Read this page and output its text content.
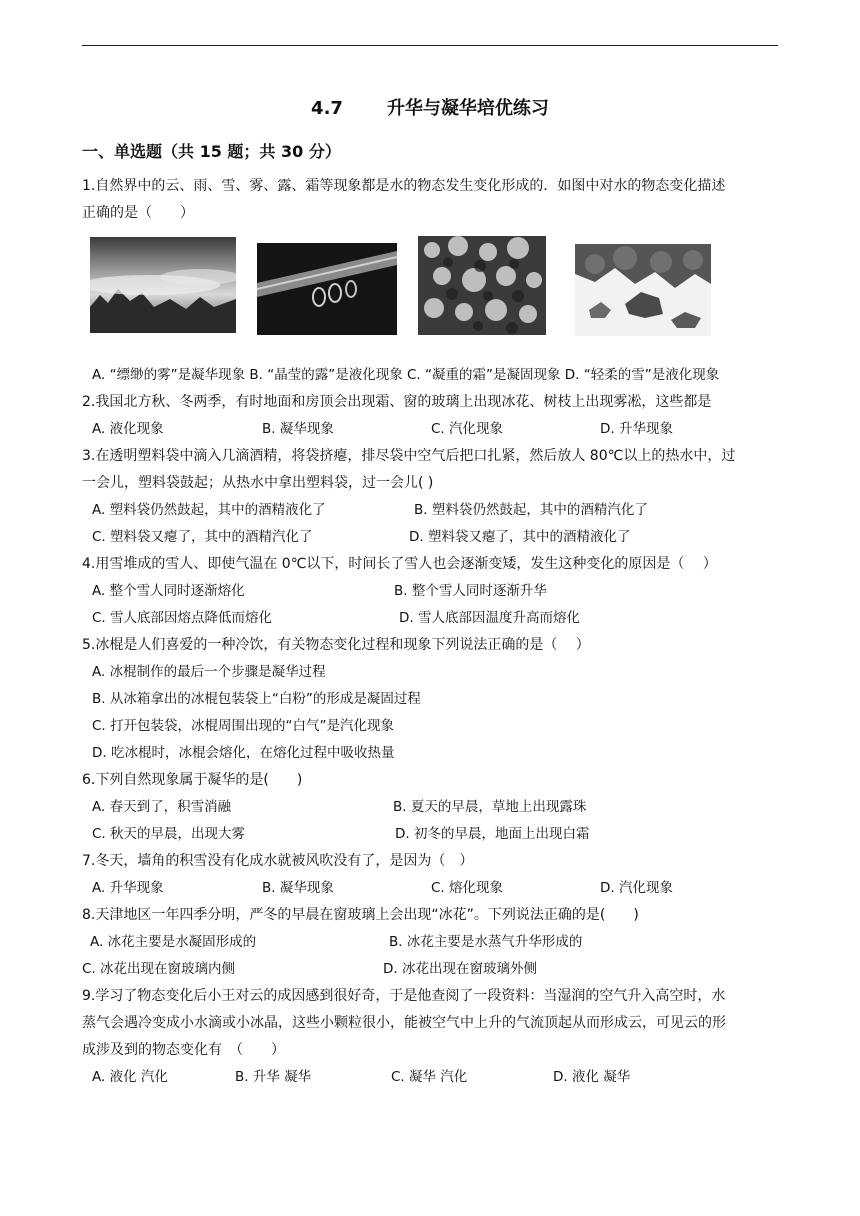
4.7 升华与凝华培优练习
一、单选题（共 15 题；共 30 分）
1.自然界中的云、雨、雪、雾、露、霜等现象都是水的物态发生变化形成的．如图中对水的物态变化描述
正确的是（　　）
A. “缥缈的雾”是凝华现象 B. “晶莹的露”是液化现象 C. “凝重的霜”是凝固现象 D. “轻柔的雪”是液化现象
2.我国北方秋、冬两季，有时地面和房顶会出现霜、窗的玻璃上出现冰花、树枝上出现雾凇，这些都是
A. 液化现象	B. 凝华现象	C. 汽化现象	D. 升华现象
3.在透明塑料袋中滴入几滴酒精，将袋挤瘪，排尽袋中空气后把口扎紧，然后放人 80℃以上的热水中，过
一会儿，塑料袋鼓起；从热水中拿出塑料袋，过一会儿( )
A. 塑料袋仍然鼓起，其中的酒精液化了	B. 塑料袋仍然鼓起，其中的酒精汽化了
C. 塑料袋又瘪了，其中的酒精汽化了	D. 塑料袋又瘪了，其中的酒精液化了
4.用雪堆成的雪人、即使气温在 0℃以下，时间长了雪人也会逐渐变矮，发生这种变化的原因是（　 ）
A. 整个雪人同时逐渐熔化	B. 整个雪人同时逐渐升华
C. 雪人底部因熔点降低而熔化	D. 雪人底部因温度升高而熔化
5.冰棍是人们喜爱的一种冷饮，有关物态变化过程和现象下列说法正确的是（　 ）
A. 冰棍制作的最后一个步骤是凝华过程
B. 从冰箱拿出的冰棍包装袋上“白粉”的形成是凝固过程
C. 打开包装袋，冰棍周围出现的“白气”是汽化现象
D. 吃冰棍时，冰棍会熔化，在熔化过程中吸收热量
6.下列自然现象属于凝华的是(　　)
A. 春天到了，积雪消融	B. 夏天的早晨，草地上出现露珠
C. 秋天的早晨，出现大雾	D. 初冬的早晨，地面上出现白霜
7.冬天，墙角的积雪没有化成水就被风吹没有了，是因为（　）
A. 升华现象	B. 凝华现象	C. 熔化现象	D. 汽化现象
8.天津地区一年四季分明，严冬的早晨在窗玻璃上会出现“冰花”。下列说法正确的是(　　)
A. 冰花主要是水凝固形成的	B. 冰花主要是水蒸气升华形成的
C. 冰花出现在窗玻璃内侧	D. 冰花出现在窗玻璃外侧
9.学习了物态变化后小王对云的成因感到很好奇，于是他查阅了一段资料：当湿润的空气升入高空时，水
蒸气会遇冷变成小水滴或小冰晶，这些小颗粒很小，能被空气中上升的气流顶起从而形成云，可见云的形
成涉及到的物态变化有　（　　）
A. 液化 汽化	B. 升华 凝华	C. 凝华 汽化	D. 液化 凝华
